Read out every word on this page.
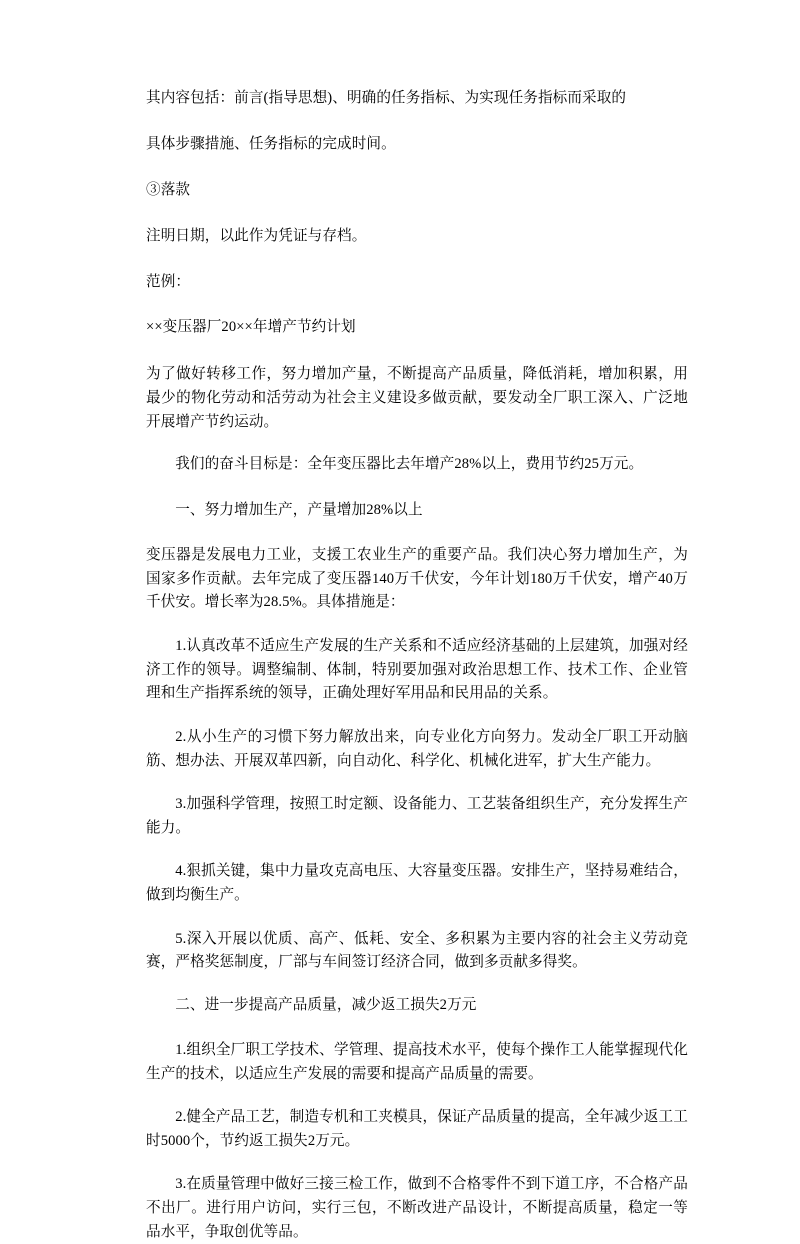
其内容包括：前言(指导思想)、明确的任务指标、为实现任务指标而采取的

具体步骤措施、任务指标的完成时间。

③落款

注明日期，以此作为凭证与存档。

范例：

××变压器厂20××年增产节约计划

为了做好转移工作，努力增加产量，不断提高产品质量，降低消耗，增加积累，用最少的物化劳动和活劳动为社会主义建设多做贡献，要发动全厂职工深入、广泛地开展增产节约运动。

我们的奋斗目标是：全年变压器比去年增产28%以上，费用节约25万元。

一、努力增加生产，产量增加28%以上

变压器是发展电力工业，支援工农业生产的重要产品。我们决心努力增加生产，为国家多作贡献。去年完成了变压器140万千伏安，今年计划180万千伏安，增产40万千伏安。增长率为28.5%。具体措施是：

1.认真改革不适应生产发展的生产关系和不适应经济基础的上层建筑，加强对经济工作的领导。调整编制、体制，特别要加强对政治思想工作、技术工作、企业管理和生产指挥系统的领导，正确处理好军用品和民用品的关系。

2.从小生产的习惯下努力解放出来，向专业化方向努力。发动全厂职工开动脑筋、想办法、开展双革四新，向自动化、科学化、机械化进军，扩大生产能力。

3.加强科学管理，按照工时定额、设备能力、工艺装备组织生产，充分发挥生产能力。

4.狠抓关键，集中力量攻克高电压、大容量变压器。安排生产，坚持易难结合，做到均衡生产。

5.深入开展以优质、高产、低耗、安全、多积累为主要内容的社会主义劳动竞赛，严格奖惩制度，厂部与车间签订经济合同，做到多贡献多得奖。

二、进一步提高产品质量，减少返工损失2万元

1.组织全厂职工学技术、学管理、提高技术水平，使每个操作工人能掌握现代化生产的技术，以适应生产发展的需要和提高产品质量的需要。

2.健全产品工艺，制造专机和工夹模具，保证产品质量的提高，全年减少返工工时5000个，节约返工损失2万元。

3.在质量管理中做好三接三检工作，做到不合格零件不到下道工序，不合格产品不出厂。进行用户访问，实行三包，不断改进产品设计，不断提高质量，稳定一等品水平，争取创优等品。
